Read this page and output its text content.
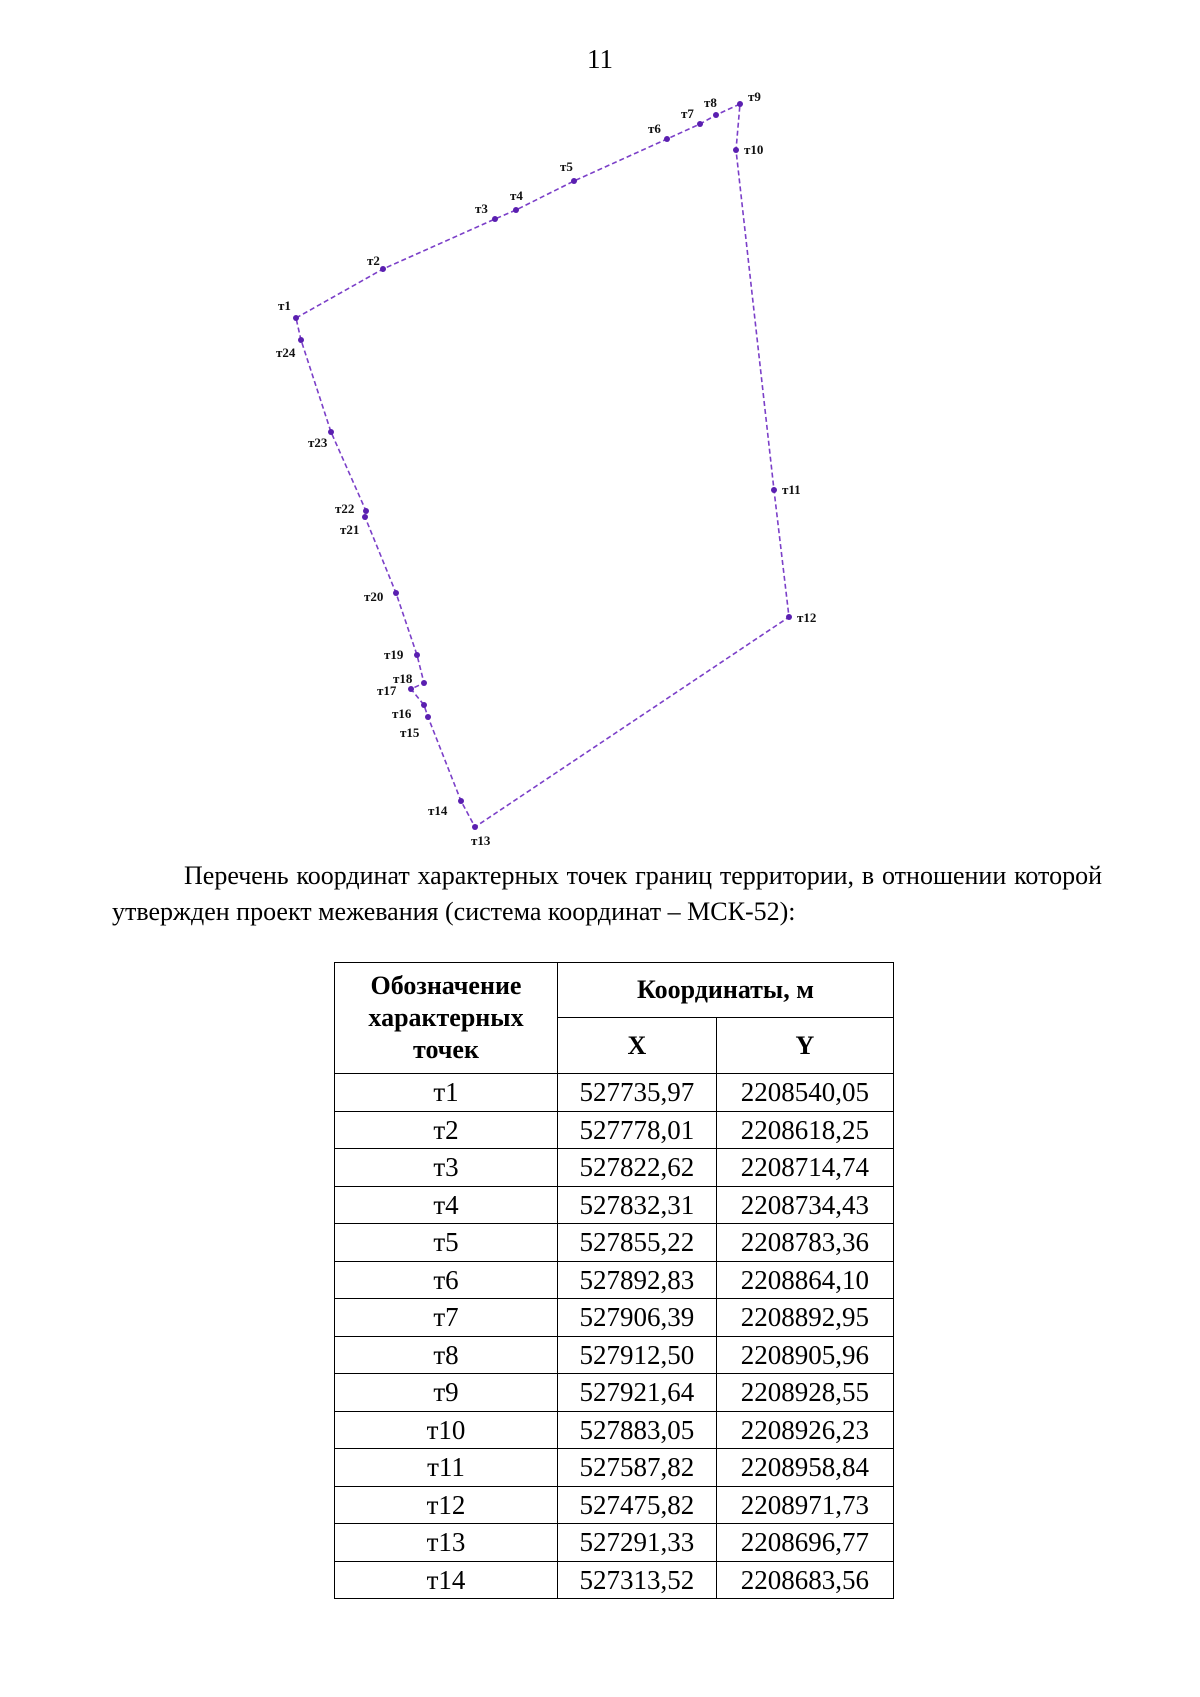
11
т1
т2
т3
т4
т5
т6
т7
т8 т9
т10
т11
т12
т13
т14
т15
т16
т17
т18
т19
т20
т21
т22
т23
т24
Перечень координат характерных точек границ территории, в отношении которой утвержден проект межевания (система координат – МСК-52):
Обозначение характерных точек	Координаты, м	
	X	Y
т1	527735,97	2208540,05
т2	527778,01	2208618,25
т3	527822,62	2208714,74
т4	527832,31	2208734,43
т5	527855,22	2208783,36
т6	527892,83	2208864,10
т7	527906,39	2208892,95
т8	527912,50	2208905,96
т9	527921,64	2208928,55
т10	527883,05	2208926,23
т11	527587,82	2208958,84
т12	527475,82	2208971,73
т13	527291,33	2208696,77
т14	527313,52	2208683,56
